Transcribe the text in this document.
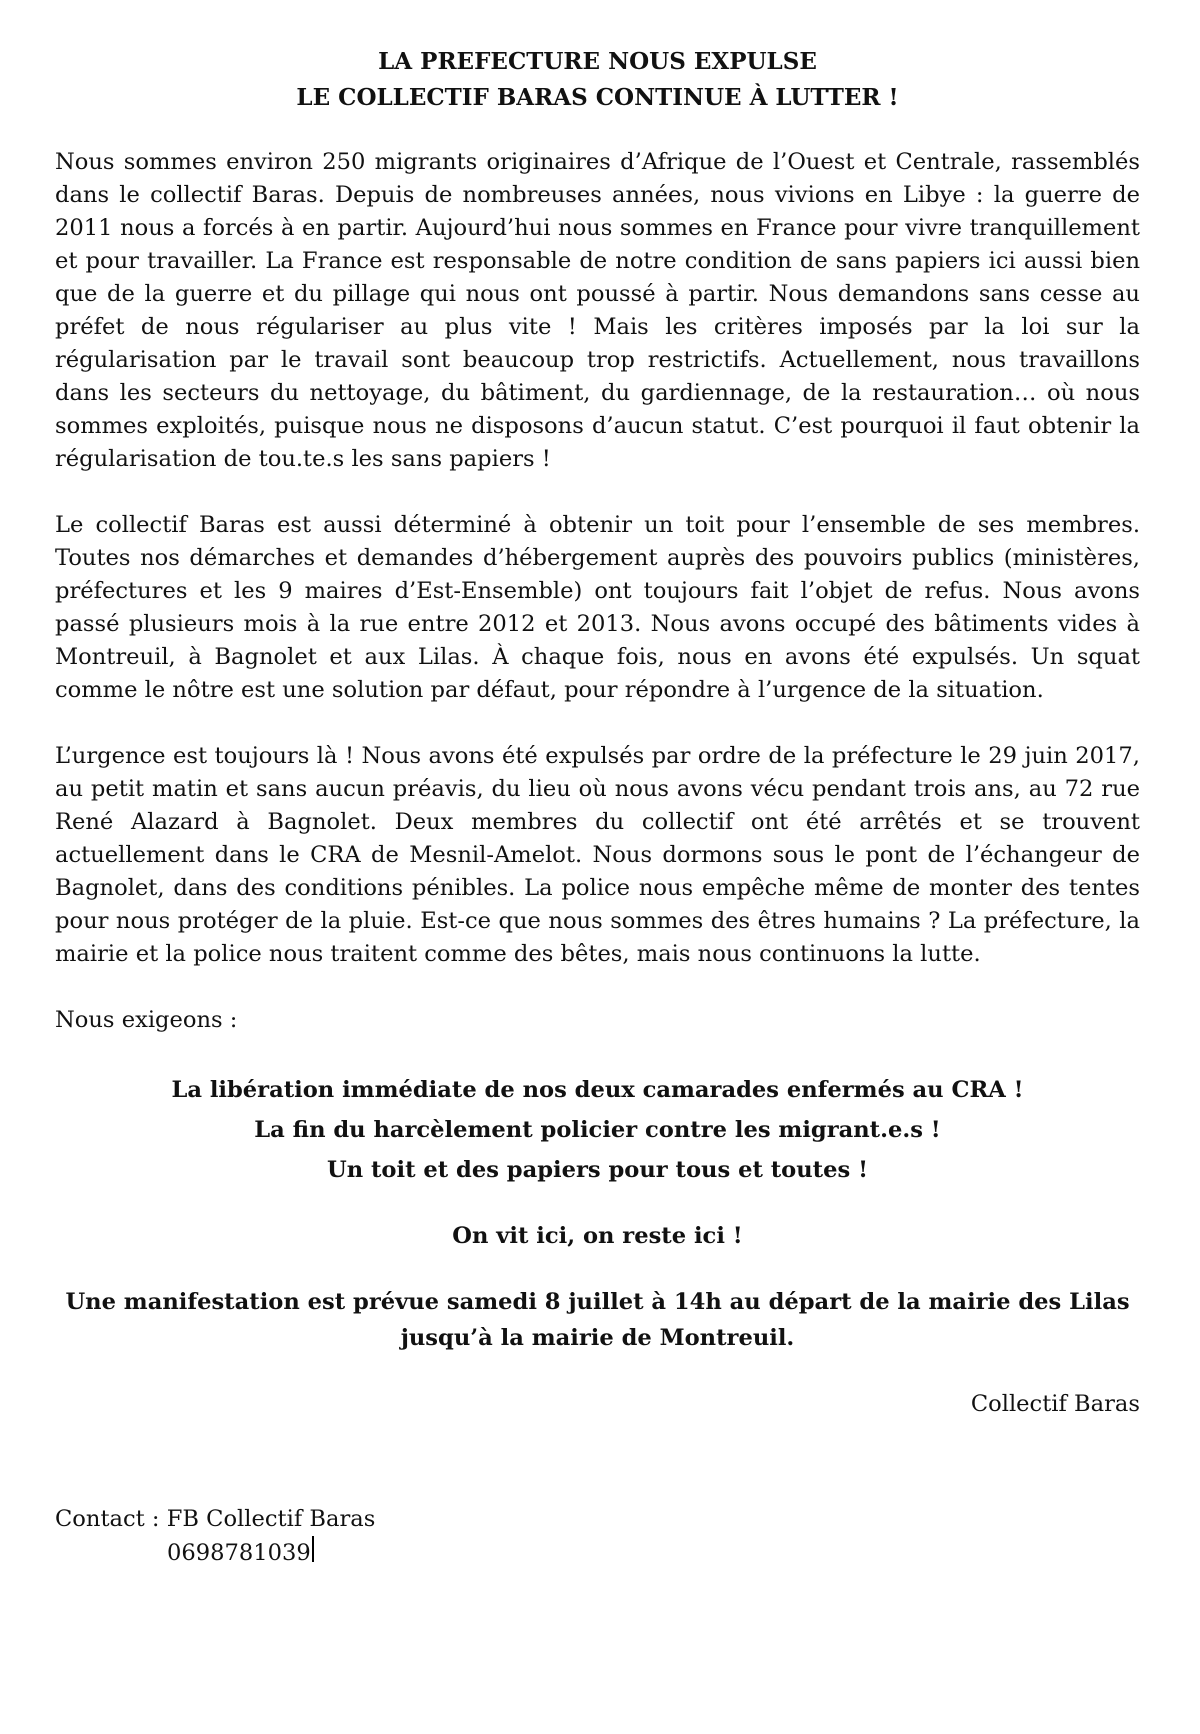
LA PREFECTURE NOUS EXPULSE
LE COLLECTIF BARAS CONTINUE À LUTTER !

Nous sommes environ 250 migrants originaires d’Afrique de l’Ouest et Centrale, rassemblés dans le collectif Baras. Depuis de nombreuses années, nous vivions en Libye : la guerre de 2011 nous a forcés à en partir. Aujourd’hui nous sommes en France pour vivre tranquillement et pour travailler. La France est responsable de notre condition de sans papiers ici aussi bien que de la guerre et du pillage qui nous ont poussé à partir. Nous demandons sans cesse au préfet de nous régulariser au plus vite ! Mais les critères imposés par la loi sur la régularisation par le travail sont beaucoup trop restrictifs. Actuellement, nous travaillons dans les secteurs du nettoyage, du bâtiment, du gardiennage, de la restauration… où nous sommes exploités, puisque nous ne disposons d’aucun statut. C’est pourquoi il faut obtenir la régularisation de tou.te.s les sans papiers !

Le collectif Baras est aussi déterminé à obtenir un toit pour l’ensemble de ses membres. Toutes nos démarches et demandes d’hébergement auprès des pouvoirs publics (ministères, préfectures et les 9 maires d’Est-Ensemble) ont toujours fait l’objet de refus. Nous avons passé plusieurs mois à la rue entre 2012 et 2013. Nous avons occupé des bâtiments vides à Montreuil, à Bagnolet et aux Lilas. À chaque fois, nous en avons été expulsés. Un squat comme le nôtre est une solution par défaut, pour répondre à l’urgence de la situation.

L’urgence est toujours là ! Nous avons été expulsés par ordre de la préfecture le 29 juin 2017, au petit matin et sans aucun préavis, du lieu où nous avons vécu pendant trois ans, au 72 rue René Alazard à Bagnolet. Deux membres du collectif ont été arrêtés et se trouvent actuellement dans le CRA de Mesnil-Amelot. Nous dormons sous le pont de l’échangeur de Bagnolet, dans des conditions pénibles. La police nous empêche même de monter des tentes pour nous protéger de la pluie. Est-ce que nous sommes des êtres humains ? La préfecture, la mairie et la police nous traitent comme des bêtes, mais nous continuons la lutte.

Nous exigeons :

La libération immédiate de nos deux camarades enfermés au CRA !
La fin du harcèlement policier contre les migrant.e.s !
Un toit et des papiers pour tous et toutes !
On vit ici, on reste ici !
Une manifestation est prévue samedi 8 juillet à 14h au départ de la mairie des Lilas
jusqu’à la mairie de Montreuil.
Collectif Baras
Contact : FB Collectif Baras
0698781039
